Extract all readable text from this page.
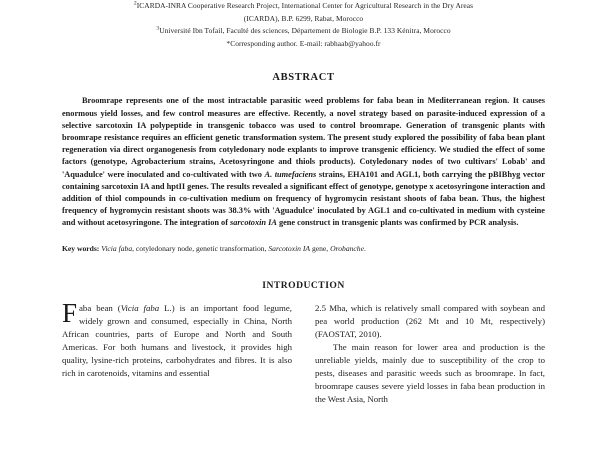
$^2$ICARDA-INRA Cooperative Research Project, International Center for Agricultural Research in the Dry Areas
(ICARDA), B.P. 6299, Rabat, Morocco
$^3$Université Ibn Tofail, Faculté des sciences, Département de Biologie B.P. 133 Kénitra, Morocco
*Corresponding author. E-mail: rabhaab@yahoo.fr
ABSTRACT
Broomrape represents one of the most intractable parasitic weed problems for faba bean in Mediterranean region. It causes enormous yield losses, and few control measures are effective. Recently, a novel strategy based on parasite-induced expression of a selective sarcotoxin IA polypeptide in transgenic tobacco was used to control broomrape. Generation of transgenic plants with broomrape resistance requires an efficient genetic transformation system. The present study explored the possibility of faba bean plant regeneration via direct organogenesis from cotyledonary node explants to improve transgenic efficiency. We studied the effect of some factors (genotype, Agrobacterium strains, Acetosyringone and thiols products). Cotyledonary nodes of two cultivars' Lobab' and 'Aquadulce' were inoculated and co-cultivated with two A. tumefaciens strains, EHA101 and AGL1, both carrying the pBIBhyg vector containing sarcotoxin IA and hptII genes. The results revealed a significant effect of genotype, genotype x acetosyringone interaction and addition of thiol compounds in co-cultivation medium on frequency of hygromycin resistant shoots of faba bean. Thus, the highest frequency of hygromycin resistant shoots was 38.3% with 'Aguadulce' inoculated by AGL1 and co-cultivated in medium with cysteine and without acetosyringone. The integration of sarcotoxin IA gene construct in transgenic plants was confirmed by PCR analysis.
Key words: Vicia faba, cotyledonary node, genetic transformation, Sarcotoxin IA gene, Orobanche.
INTRODUCTION

Faba bean (Vicia faba L.) is an important food legume, widely grown and consumed, especially in China, North African countries, parts of Europe and North and South Americas. For both humans and livestock, it provides high quality, lysine-rich proteins, carbohydrates and fibres. It is also rich in carotenoids, vitamins and essential

2.5 Mha, which is relatively small compared with soybean and pea world production (262 Mt and 10 Mt, respectively) (FAOSTAT, 2010).

The main reason for lower area and production is the unreliable yields, mainly due to susceptibility of the crop to pests, diseases and parasitic weeds such as broomrape. In fact, broomrape causes severe yield losses in faba bean production in the West Asia, North
